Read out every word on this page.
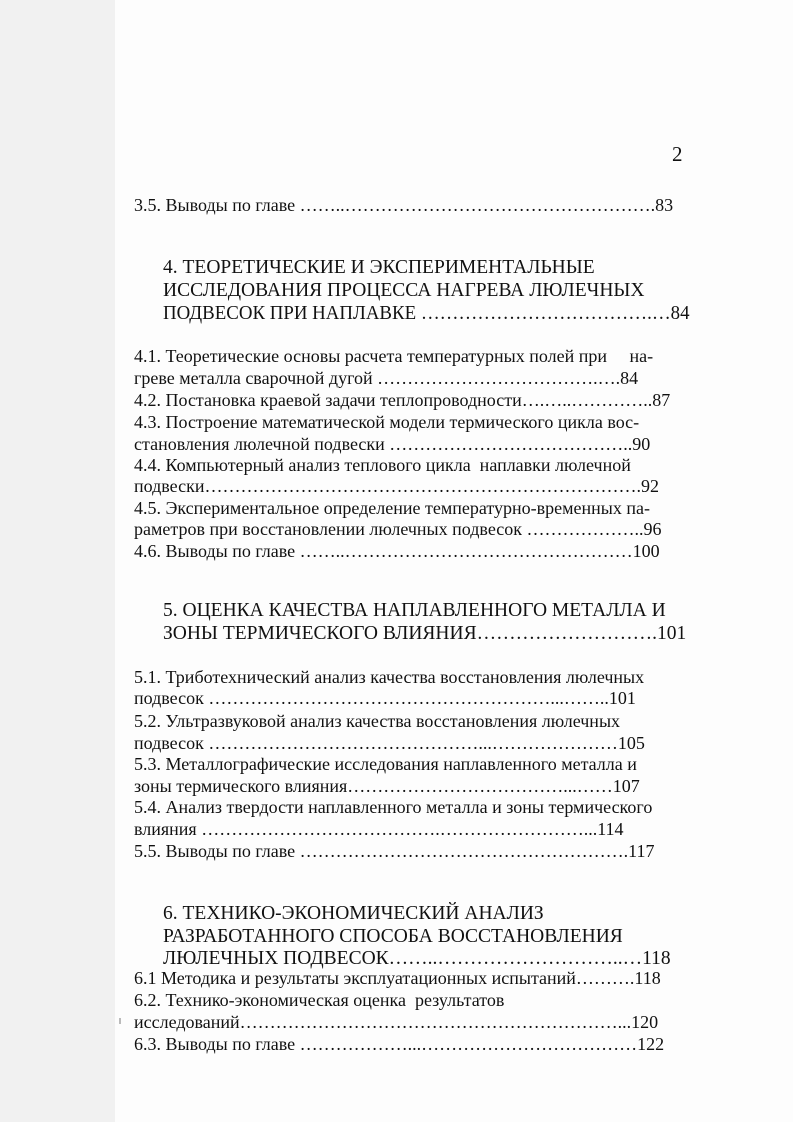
2
3.5. Выводы по главе ……..…………………………………………….83
4. ТЕОРЕТИЧЕСКИЕ И ЭКСПЕРИМЕНТАЛЬНЫЕ
ИССЛЕДОВАНИЯ ПРОЦЕССА НАГРЕВА ЛЮЛЕЧНЫХ
ПОДВЕСОК ПРИ НАПЛАВКЕ ……………………………….…84
4.1. Теоретические основы расчета температурных полей при     на-
греве металла сварочной дугой ……………………………….….84
4.2. Постановка краевой задачи теплопроводности….…..…………..87
4.3. Построение математической модели термического цикла вос-
становления люлечной подвески …………………………………..90
4.4. Компьютерный анализ теплового цикла  наплавки люлечной
подвески……………………………………………………………….92
4.5. Экспериментальное определение температурно-временных па-
раметров при восстановлении люлечных подвесок ………………..96
4.6. Выводы по главе ……..…………………………………………100
5. ОЦЕНКА КАЧЕСТВА НАПЛАВЛЕННОГО МЕТАЛЛА И
ЗОНЫ ТЕРМИЧЕСКОГО ВЛИЯНИЯ……………………….101
5.1. Триботехнический анализ качества восстановления люлечных
подвесок …………………………………………………...……..101
5.2. Ультразвуковой анализ качества восстановления люлечных
подвесок ………………………………………...…………………105
5.3. Металлографические исследования наплавленного металла и
зоны термического влияния………………………………...……107
5.4. Анализ твердости наплавленного металла и зоны термического
влияния ………………………………….……………………...114
5.5. Выводы по главе ……………………………………………….117
6. ТЕХНИКО-ЭКОНОМИЧЕСКИЙ АНАЛИЗ
РАЗРАБОТАННОГО СПОСОБА ВОССТАНОВЛЕНИЯ
ЛЮЛЕЧНЫХ ПОДВЕСОК……..………………………..…118
6.1 Методика и результаты эксплуатационных испытаний……….118
6.2. Технико-экономическая оценка  результатов
исследований………………………………………………………...120
6.3. Выводы по главе ………………...………………………………122
